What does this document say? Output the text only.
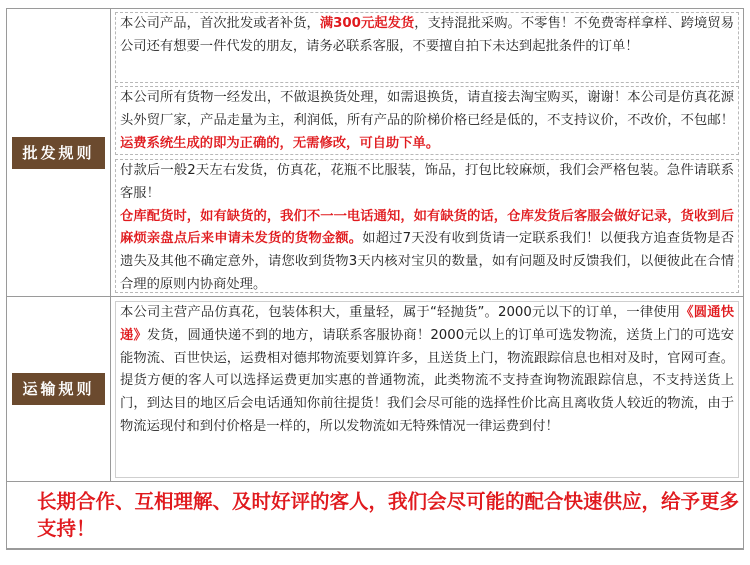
批发规则
本公司产品，首次批发或者补货，满300元起发货，支持混批采购。不零售！不免费寄样拿样、跨境贸易公司还有想要一件代发的朋友，请务必联系客服，不要擅自拍下未达到起批条件的订单！
本公司所有货物一经发出，不做退换货处理，如需退换货，请直接去淘宝购买，谢谢！本公司是仿真花源头外贸厂家，产品走量为主，利润低，所有产品的阶梯价格已经是低的，不支持议价，不改价，不包邮！运费系统生成的即为正确的，无需修改，可自助下单。
付款后一般2天左右发货，仿真花，花瓶不比服装，饰品，打包比较麻烦，我们会严格包装。急件请联系客服！
仓库配货时，如有缺货的，我们不一一电话通知，如有缺货的话，仓库发货后客服会做好记录，货收到后麻烦亲盘点后来申请未发货的货物金额。如超过7天没有收到货请一定联系我们！以便我方追查货物是否遗失及其他不确定意外，请您收到货物3天内核对宝贝的数量，如有问题及时反馈我们，以便彼此在合情合理的原则内协商处理。
运输规则
本公司主营产品仿真花，包装体积大，重量轻，属于“轻抛货”。2000元以下的订单，一律使用《圆通快递》发货，圆通快递不到的地方，请联系客服协商！2000元以上的订单可选发物流，送货上门的可选安能物流、百世快运，运费相对德邦物流要划算许多，且送货上门，物流跟踪信息也相对及时，官网可查。提货方便的客人可以选择运费更加实惠的普通物流，此类物流不支持查询物流跟踪信息，不支持送货上门，到达目的地区后会电话通知你前往提货！我们会尽可能的选择性价比高且离收货人较近的物流，由于物流运现付和到付价格是一样的，所以发物流如无特殊情况一律运费到付！
长期合作、互相理解、及时好评的客人，我们会尽可能的配合快速供应，给予更多支持！
